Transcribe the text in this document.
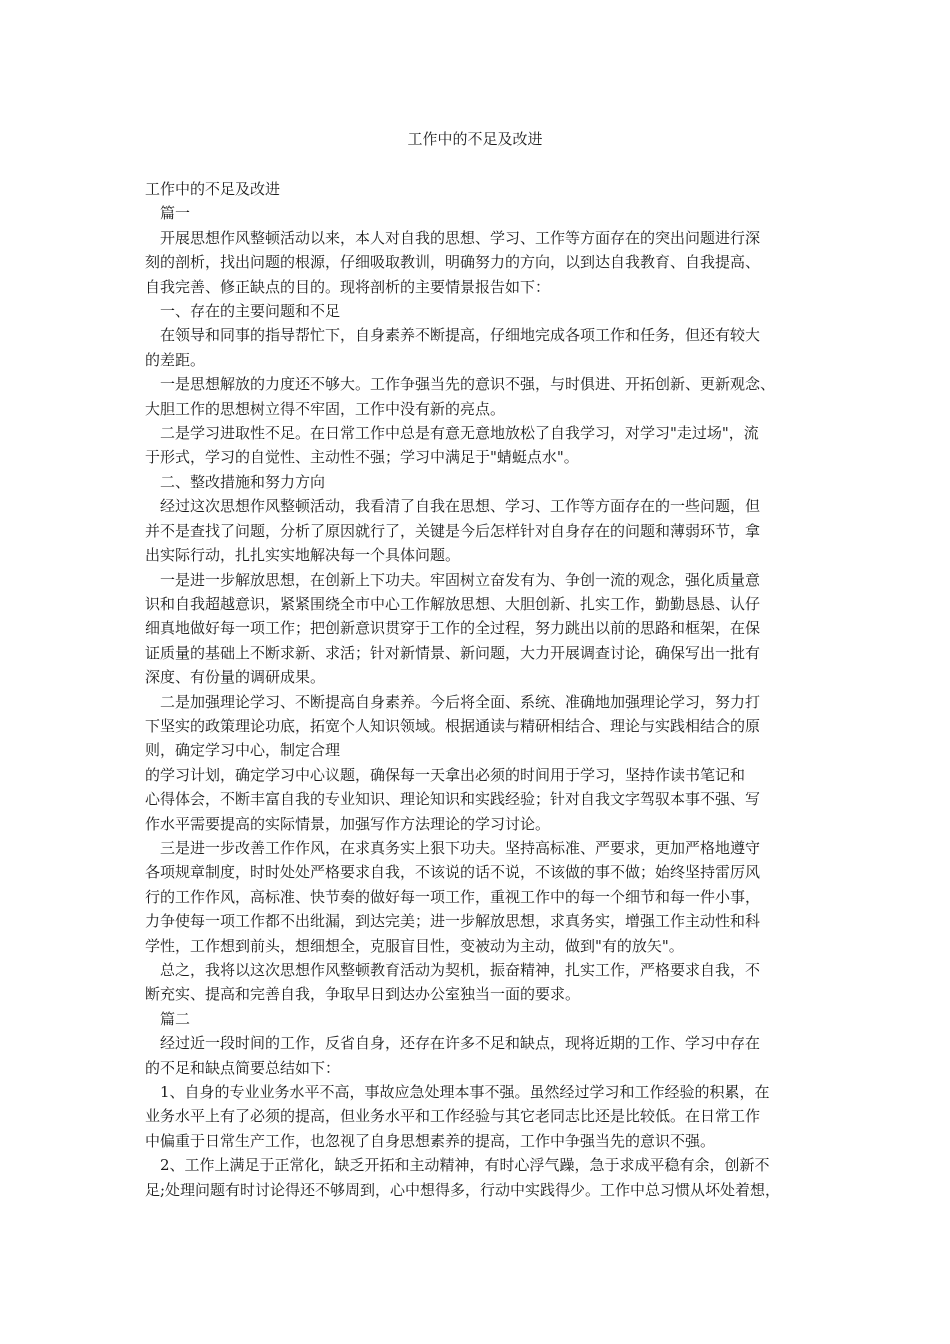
工作中的不足及改进

工作中的不足及改进

　篇一

　开展思想作风整顿活动以来，本人对自我的思想、学习、工作等方面存在的突出问题进行深

刻的剖析，找出问题的根源，仔细吸取教训，明确努力的方向，以到达自我教育、自我提高、

自我完善、修正缺点的目的。现将剖析的主要情景报告如下：

　一、存在的主要问题和不足

　在领导和同事的指导帮忙下，自身素养不断提高，仔细地完成各项工作和任务，但还有较大

的差距。

　一是思想解放的力度还不够大。工作争强当先的意识不强，与时俱进、开拓创新、更新观念、

大胆工作的思想树立得不牢固，工作中没有新的亮点。

　二是学习进取性不足。在日常工作中总是有意无意地放松了自我学习，对学习"走过场"，流

于形式，学习的自觉性、主动性不强；学习中满足于"蜻蜓点水"。

　二、整改措施和努力方向

　经过这次思想作风整顿活动，我看清了自我在思想、学习、工作等方面存在的一些问题，但

并不是查找了问题，分析了原因就行了，关键是今后怎样针对自身存在的问题和薄弱环节，拿

出实际行动，扎扎实实地解决每一个具体问题。

　一是进一步解放思想，在创新上下功夫。牢固树立奋发有为、争创一流的观念，强化质量意

识和自我超越意识，紧紧围绕全市中心工作解放思想、大胆创新、扎实工作，勤勤恳恳、认仔

细真地做好每一项工作；把创新意识贯穿于工作的全过程，努力跳出以前的思路和框架，在保

证质量的基础上不断求新、求活；针对新情景、新问题，大力开展调查讨论，确保写出一批有

深度、有份量的调研成果。

　二是加强理论学习、不断提高自身素养。今后将全面、系统、准确地加强理论学习，努力打

下坚实的政策理论功底，拓宽个人知识领域。根据通读与精研相结合、理论与实践相结合的原

则，确定学习中心，制定合理

的学习计划，确定学习中心议题，确保每一天拿出必须的时间用于学习，坚持作读书笔记和

心得体会，不断丰富自我的专业知识、理论知识和实践经验；针对自我文字驾驭本事不强、写

作水平需要提高的实际情景，加强写作方法理论的学习讨论。

　三是进一步改善工作作风，在求真务实上狠下功夫。坚持高标准、严要求，更加严格地遵守

各项规章制度，时时处处严格要求自我，不该说的话不说，不该做的事不做；始终坚持雷厉风

行的工作作风，高标准、快节奏的做好每一项工作，重视工作中的每一个细节和每一件小事，

力争使每一项工作都不出纰漏，到达完美；进一步解放思想，求真务实，增强工作主动性和科

学性，工作想到前头，想细想全，克服盲目性，变被动为主动，做到"有的放矢"。

　总之，我将以这次思想作风整顿教育活动为契机，振奋精神，扎实工作，严格要求自我，不

断充实、提高和完善自我，争取早日到达办公室独当一面的要求。

　篇二

　经过近一段时间的工作，反省自身，还存在许多不足和缺点，现将近期的工作、学习中存在

的不足和缺点简要总结如下：

　1、自身的专业业务水平不高，事故应急处理本事不强。虽然经过学习和工作经验的积累，在

业务水平上有了必须的提高，但业务水平和工作经验与其它老同志比还是比较低。在日常工作

中偏重于日常生产工作，也忽视了自身思想素养的提高，工作中争强当先的意识不强。

　2、工作上满足于正常化，缺乏开拓和主动精神，有时心浮气躁，急于求成平稳有余，创新不

足;处理问题有时讨论得还不够周到，心中想得多，行动中实践得少。工作中总习惯从坏处着想，
